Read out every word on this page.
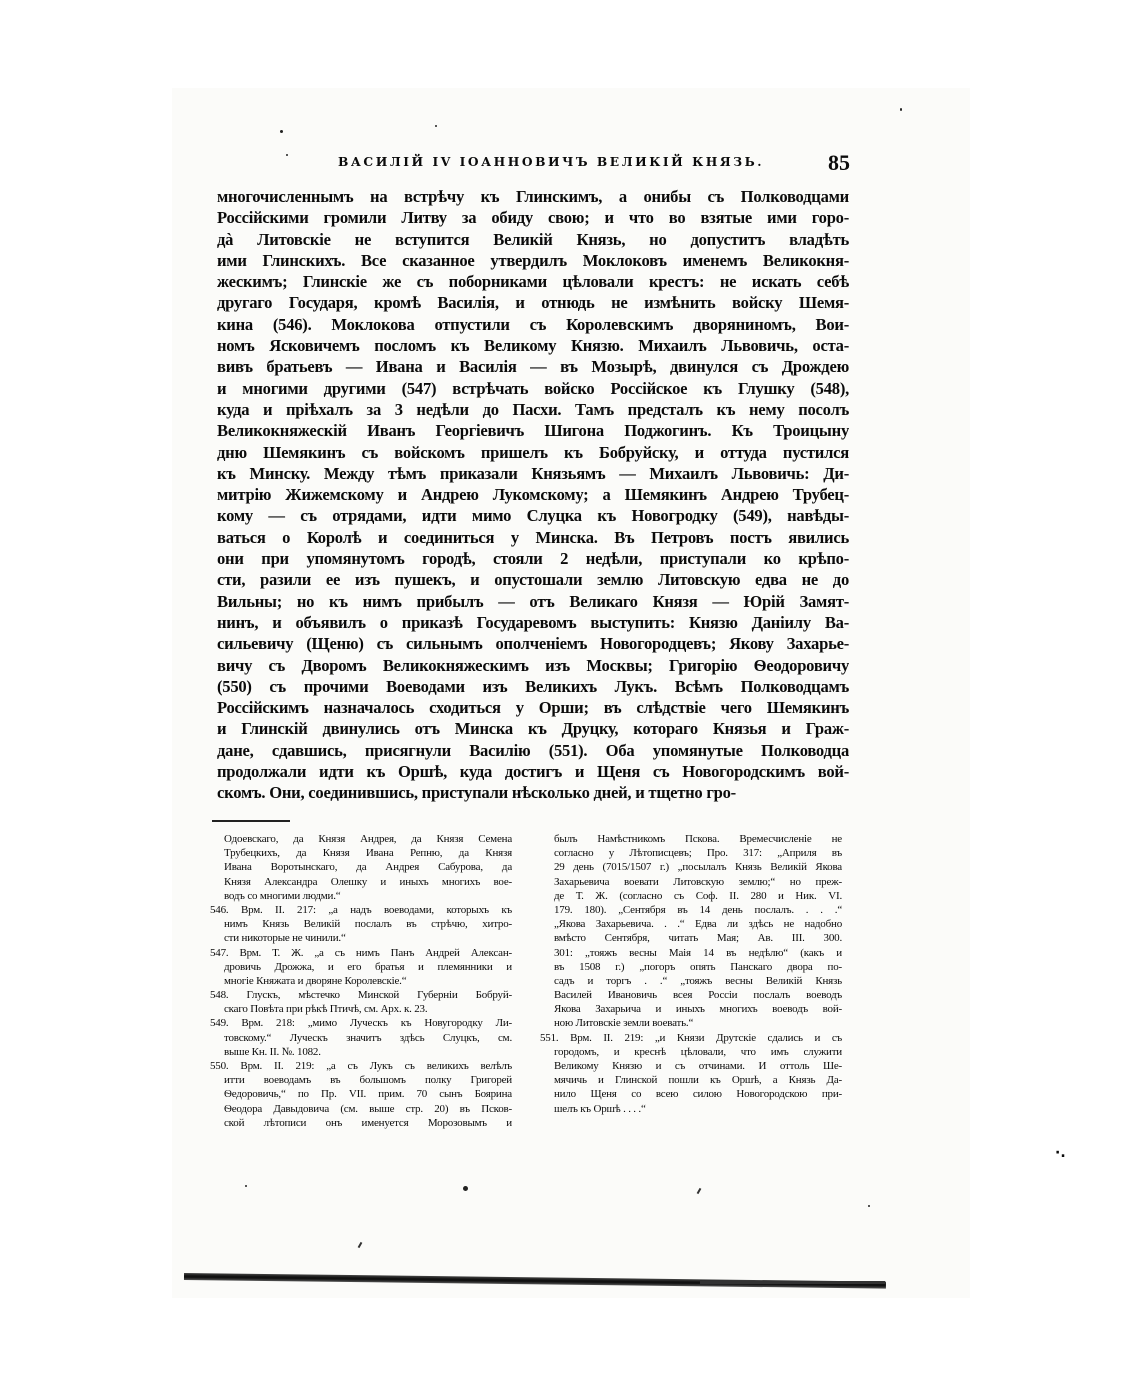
ВАСИЛІЙ IV ІОАННОВИЧЪ ВЕЛИКІЙ КНЯЗЬ.	85
многочисленнымъ на встрѣчу къ Глинскимъ, а онибы съ Полководцами
Россійскими громили Литву за обиду свою; и что во взятые ими горо-
дà Литовскіе не вступится Великій Князь, но допуститъ владѣть
ими Глинскихъ. Все сказанное утвердилъ Моклоковъ именемъ Великокня-
жескимъ; Глинскіе же съ поборниками цѣловали крестъ: не искать себѣ
другаго Государя, кромѣ Василія, и отнюдь не измѣнить войску Шемя-
кина (546). Моклокова отпустили съ Королевскимъ дворяниномъ, Вои-
номъ Ясковичемъ посломъ къ Великому Князю. Михаилъ Львовичь, оста-
вивъ братьевъ — Ивана и Василія — въ Мозырѣ, двинулся съ Дрождею
и многими другими (547) встрѣчать войско Россійское къ Глушку (548),
куда и пріѣхалъ за 3 недѣли до Пасхи. Тамъ предсталъ къ нему посолъ
Великокняжескій Иванъ Георгіевичъ Шигона Поджогинъ. Къ Троицыну
дню Шемякинъ съ войскомъ пришелъ къ Бобруйску, и оттуда пустился
къ Минску. Между тѣмъ приказали Князьямъ — Михаилъ Львовичь: Ди-
митрію Жижемскому и Андрею Лукомскому; а Шемякинъ Андрею Трубец-
кому — съ отрядами, идти мимо Слуцка къ Новогродку (549), навѣды-
ваться о Королѣ и соединиться у Минска. Въ Петровъ постъ явились
они при упомянутомъ городѣ, стояли 2 недѣли, приступали ко крѣпо-
сти, разили ее изъ пушекъ, и опустошали землю Литовскую едва не до
Вильны; но къ нимъ прибылъ — отъ Великаго Князя — Юрій Замят-
нинъ, и объявилъ о приказѣ Государевомъ выступить: Князю Даніилу Ва-
сильевичу (Щеню) съ сильнымъ ополченіемъ Новогородцевъ; Якову Захарье-
вичу съ Дворомъ Великокняжескимъ изъ Москвы; Григорію Ѳеодоровичу
(550) съ прочими Воеводами изъ Великихъ Лукъ. Всѣмъ Полководцамъ
Россійскимъ назначалось сходиться у Орши; въ слѣдствіе чего Шемякинъ
и Глинскій двинулись отъ Минска къ Друцку, котораго Князья и Граж-
дане, сдавшись, присягнули Василію (551). Оба упомянутые Полководца
продолжали идти къ Оршѣ, куда достигъ и Щеня съ Новогородскимъ вой-
скомъ. Они, соединившись, приступали нѣсколько дней, и тщетно гро-
Одоевскаго, да Князя Андрея, да Князя Семена
Трубецкихъ, да Князя Ивана Репню, да Князя
Ивана Воротынскаго, да Андрея Сабурова, да
Князя Александра Олешку и иныхъ многихъ вое-
водъ со многими людми.“
546. Врм. II. 217: „а надъ воеводами, которыхъ къ
нимъ Князь Великій послалъ въ стрѣчю, хитро-
сти никоторые не чинили.“
547. Врм. Т. Ж. „а съ нимъ Панъ Андрей Алексан-
дровичь Дрожжа, и его братья и племянники и
многіе Княжата и дворяне Королевскіе.“
548. Глускъ, мѣстечко Минской Губерніи Бобруй-
скаго Повѣта при рѣкѣ Птичѣ, см. Арх. к. 23.
549. Врм. 218: „мимо Луческъ къ Новугородку Ли-
товскому.“ Луческъ значитъ здѣсь Слуцкъ, см.
выше Кн. II. №. 1082.
550. Врм. II. 219: „а съ Лукъ съ великихъ велѣлъ
итти воеводамъ въ большомъ полку Григорей
Ѳедоровичь,“ по Пр. VII. прим. 70 сынъ Боярина
Ѳеодора Давыдовича (см. выше стр. 20) въ Псков-
ской лѣтописи онъ именуется Морозовымъ и
былъ Намѣстникомъ Пскова. Времесчисленіе не
согласно у Лѣтописцевъ; Про. 317: „Априля въ
29 день (7015/1507 г.) „посылалъ Князь Великій Якова
Захарьевича воевати Литовскую землю;“ но преж-
де Т. Ж. (согласно съ Соф. II. 280 и Ник. VI.
179. 180). „Сентября въ 14 день послалъ. . . .“
„Якова Захарьевича. . .“ Едва ли здѣсь не надобно
вмѣсто Сентября, читать Мая; Ав. III. 300.
301: „тояжъ весны Маія 14 въ недѣлю“ (какъ и
въ 1508 г.) „погоръ опять Панскаго двора по-
садъ и торгъ . .“ „тояжъ весны Великій Князь
Василей Ивановичь всея Россіи послалъ воеводъ
Якова Захарьича и иныхъ многихъ воеводъ вой-
ною Литовскіе земли воевать.“
551. Врм. II. 219: „и Князи Друтскіе сдались и съ
городомъ, и креснѣ цѣловали, что имъ служити
Великому Князю и съ отчинами. И оттоль Ше-
мячичь и Глинской пошли къ Оршѣ, а Князь Да-
нило Щеня со всею силою Новогородскою при-
шелъ къ Оршѣ . . . .“
·.
